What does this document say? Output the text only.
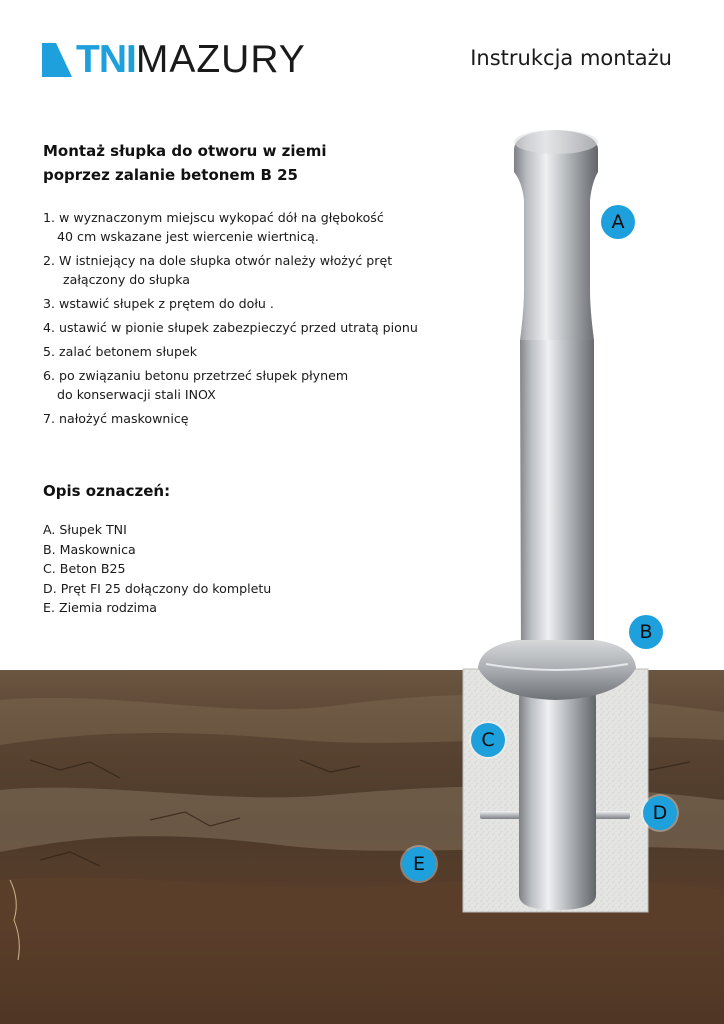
TNIMAZURY	Instrukcja montażu
Montaż słupka do otworu w ziemi
poprzez zalanie betonem B 25
1. w wyznaczonym miejscu wykopać dół na głębokość
40 cm wskazane jest wiercenie wiertnicą.
2. W istniejący na dole słupka otwór należy włożyć pręt
załączony do słupka
3. wstawić słupek z prętem do dołu .
4. ustawić w pionie słupek zabezpieczyć przed utratą pionu
5. zalać betonem słupek
6. po związaniu betonu przetrzeć słupek płynem
do konserwacji stali INOX
7. nałożyć maskownicę
Opis oznaczeń:
A. Słupek TNI
B. Maskownica
C. Beton B25
D. Pręt FI 25 dołączony do kompletu
E. Ziemia rodzima
A
B
C
D
E
